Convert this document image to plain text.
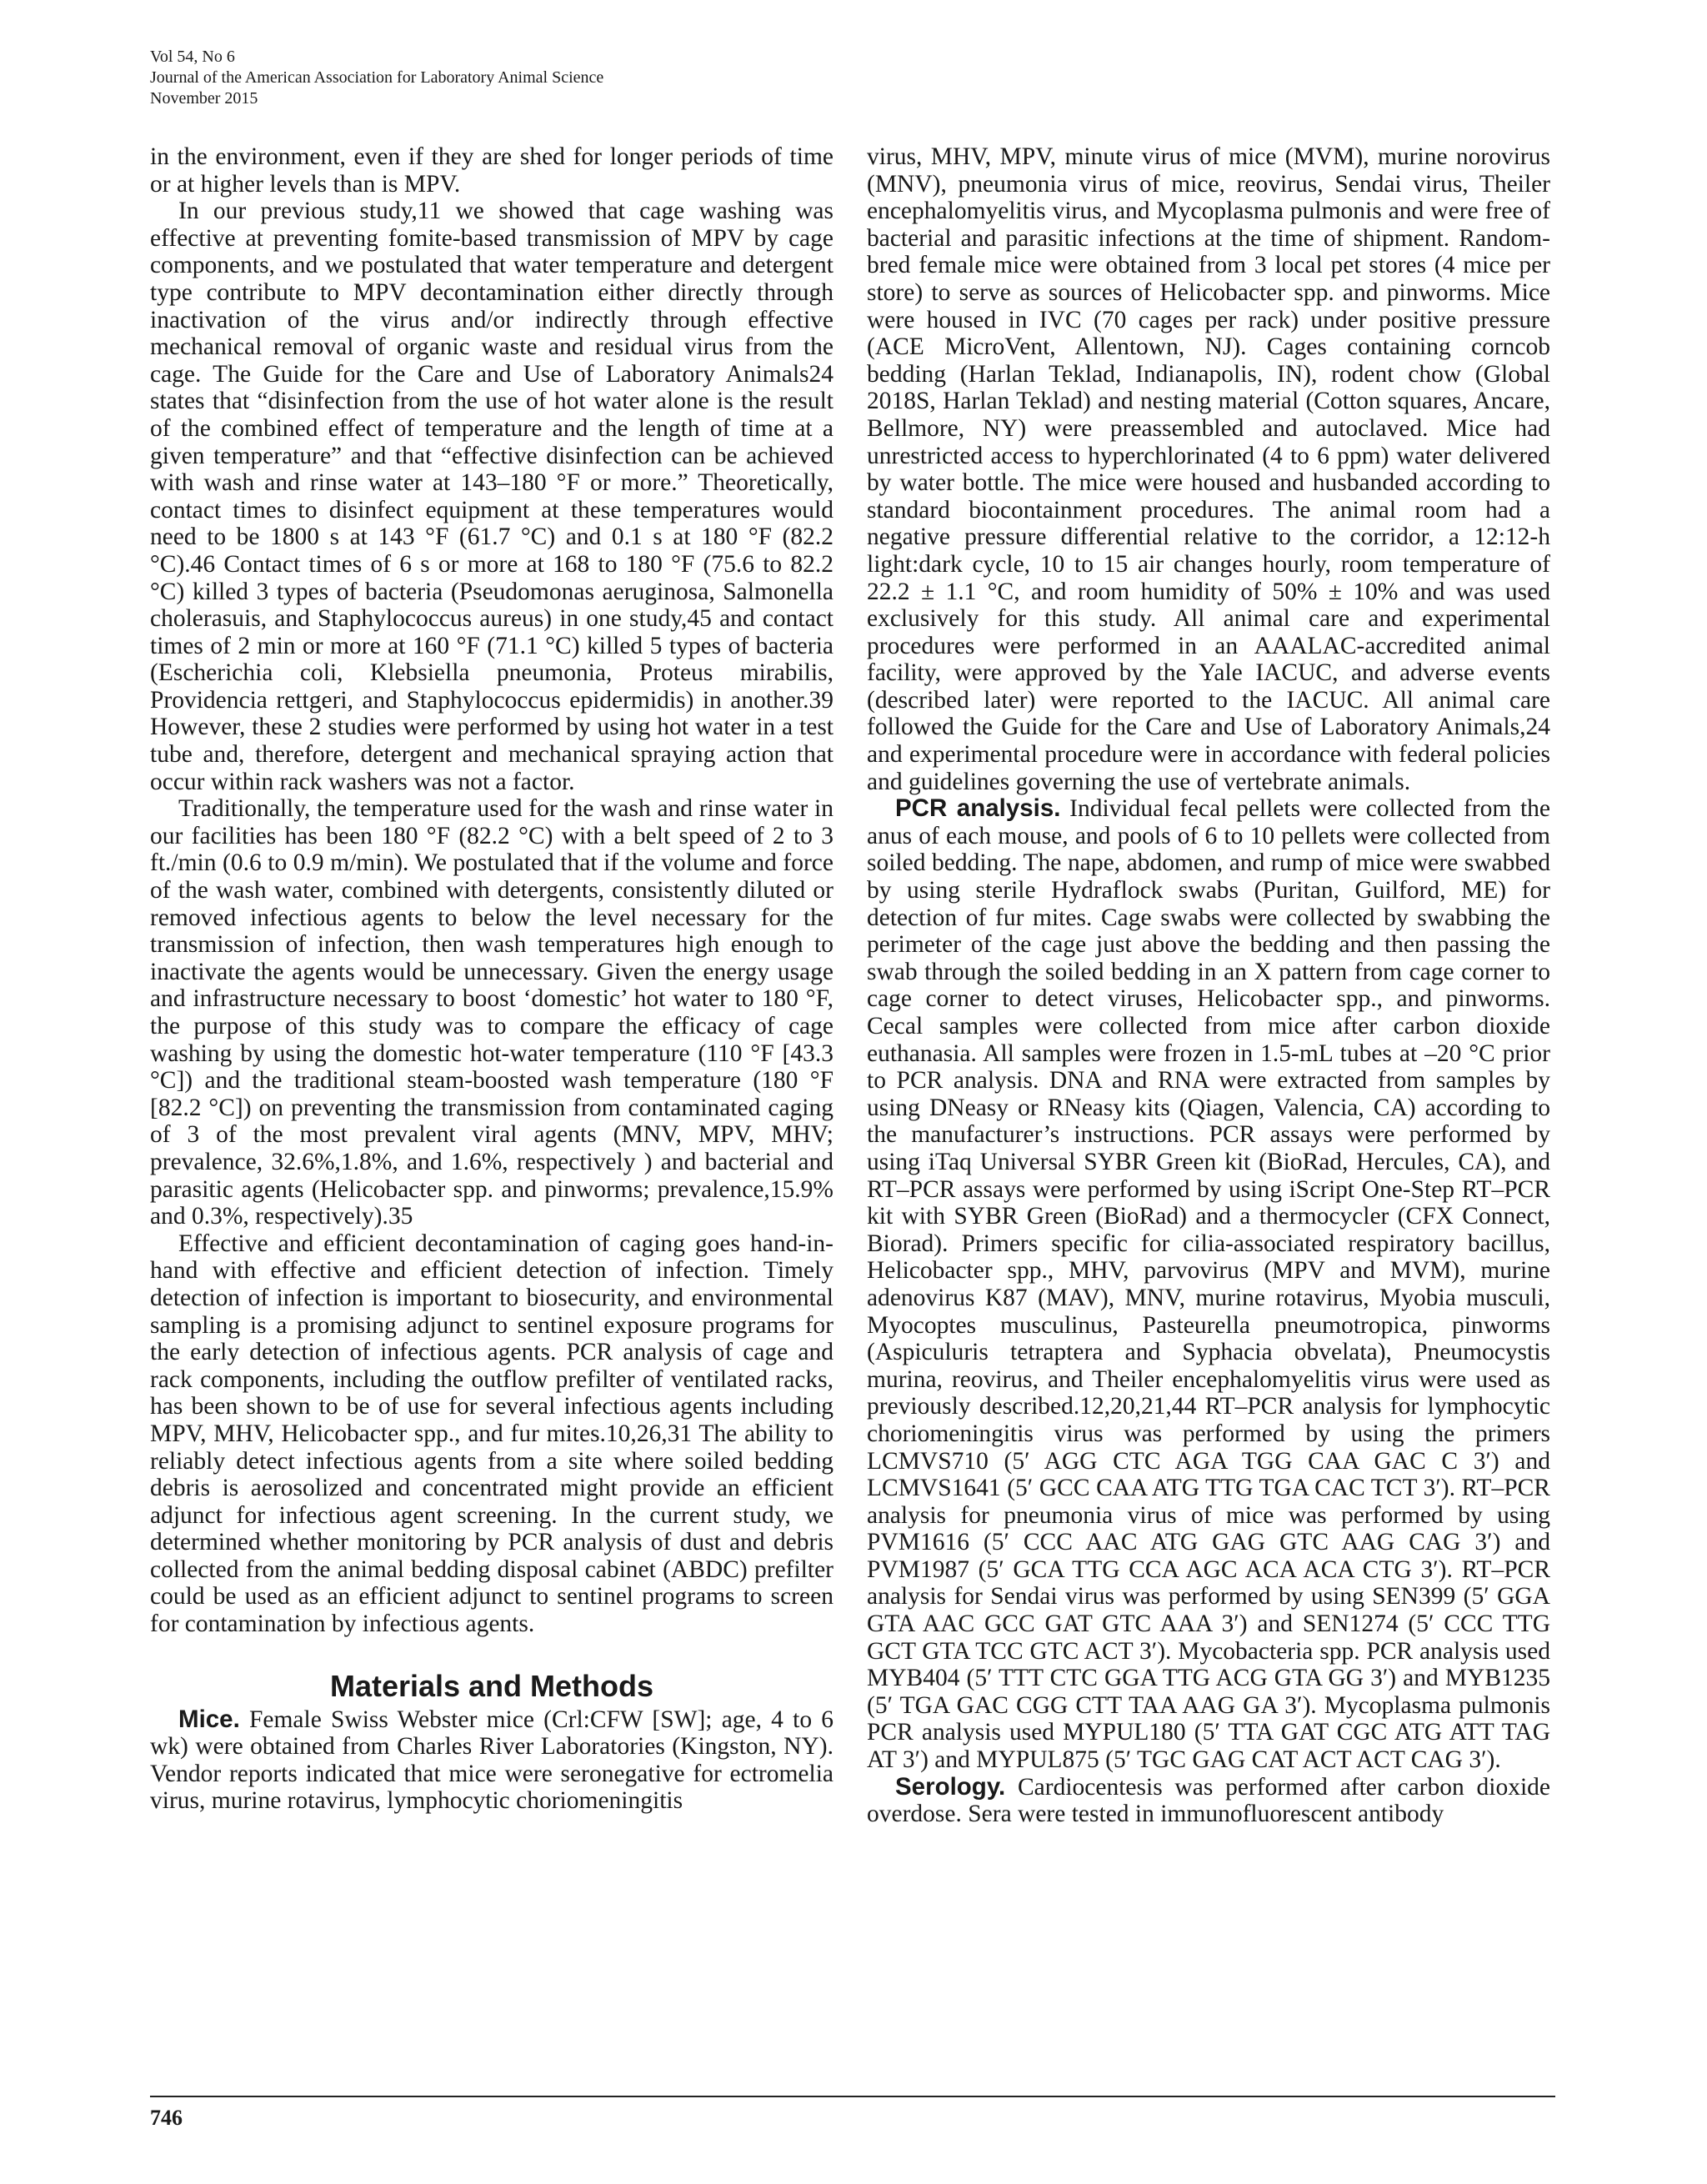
Vol 54, No 6
Journal of the American Association for Laboratory Animal Science
November 2015

in the environment, even if they are shed for longer periods of time or at higher levels than is MPV.

In our previous study,11 we showed that cage washing was effective at preventing fomite-based transmission of MPV by cage components, and we postulated that water temperature and detergent type contribute to MPV decontamination either directly through inactivation of the virus and/or indirectly through effective mechanical removal of organic waste and residual virus from the cage. The Guide for the Care and Use of Laboratory Animals24 states that “disinfection from the use of hot water alone is the result of the combined effect of temperature and the length of time at a given temperature” and that “effective disinfection can be achieved with wash and rinse water at 143–180 °F or more.” Theoretically, contact times to disinfect equipment at these temperatures would need to be 1800 s at 143 °F (61.7 °C) and 0.1 s at 180 °F (82.2 °C).46 Contact times of 6 s or more at 168 to 180 °F (75.6 to 82.2 °C) killed 3 types of bacteria (Pseudomonas aeruginosa, Salmonella cholerasuis, and Staphylococcus aureus) in one study,45 and contact times of 2 min or more at 160 °F (71.1 °C) killed 5 types of bacteria (Escherichia coli, Klebsiella pneumonia, Proteus mirabilis, Providencia rettgeri, and Staphylococcus epidermidis) in another.39 However, these 2 studies were performed by using hot water in a test tube and, therefore, detergent and mechanical spraying action that occur within rack washers was not a factor.

Traditionally, the temperature used for the wash and rinse water in our facilities has been 180 °F (82.2 °C) with a belt speed of 2 to 3 ft./min (0.6 to 0.9 m/min). We postulated that if the volume and force of the wash water, combined with detergents, consistently diluted or removed infectious agents to below the level necessary for the transmission of infection, then wash temperatures high enough to inactivate the agents would be unnecessary. Given the energy usage and infrastructure necessary to boost ‘domestic’ hot water to 180 °F, the purpose of this study was to compare the efficacy of cage washing by using the domestic hot-water temperature (110 °F [43.3 °C]) and the traditional steam-boosted wash temperature (180 °F [82.2 °C]) on preventing the transmission from contaminated caging of 3 of the most prevalent viral agents (MNV, MPV, MHV; prevalence, 32.6%,1.8%, and 1.6%, respectively ) and bacterial and parasitic agents (Helicobacter spp. and pinworms; prevalence,15.9% and 0.3%, respectively).35

Effective and efficient decontamination of caging goes hand-in-hand with effective and efficient detection of infection. Timely detection of infection is important to biosecurity, and environmental sampling is a promising adjunct to sentinel exposure programs for the early detection of infectious agents. PCR analysis of cage and rack components, including the outflow prefilter of ventilated racks, has been shown to be of use for several infectious agents including MPV, MHV, Helicobacter spp., and fur mites.10,26,31 The ability to reliably detect infectious agents from a site where soiled bedding debris is aerosolized and concentrated might provide an efficient adjunct for infectious agent screening. In the current study, we determined whether monitoring by PCR analysis of dust and debris collected from the animal bedding disposal cabinet (ABDC) prefilter could be used as an efficient adjunct to sentinel programs to screen for contamination by infectious agents.

Materials and Methods

Mice. Female Swiss Webster mice (Crl:CFW [SW]; age, 4 to 6 wk) were obtained from Charles River Laboratories (Kingston, NY). Vendor reports indicated that mice were seronegative for ectromelia virus, murine rotavirus, lymphocytic choriomeningitis

virus, MHV, MPV, minute virus of mice (MVM), murine norovirus (MNV), pneumonia virus of mice, reovirus, Sendai virus, Theiler encephalomyelitis virus, and Mycoplasma pulmonis and were free of bacterial and parasitic infections at the time of shipment. Random-bred female mice were obtained from 3 local pet stores (4 mice per store) to serve as sources of Helicobacter spp. and pinworms. Mice were housed in IVC (70 cages per rack) under positive pressure (ACE MicroVent, Allentown, NJ). Cages containing corncob bedding (Harlan Teklad, Indianapolis, IN), rodent chow (Global 2018S, Harlan Teklad) and nesting material (Cotton squares, Ancare, Bellmore, NY) were preassembled and autoclaved. Mice had unrestricted access to hyperchlorinated (4 to 6 ppm) water delivered by water bottle. The mice were housed and husbanded according to standard biocontainment procedures. The animal room had a negative pressure differential relative to the corridor, a 12:12-h light:dark cycle, 10 to 15 air changes hourly, room temperature of 22.2 ± 1.1 °C, and room humidity of 50% ± 10% and was used exclusively for this study. All animal care and experimental procedures were performed in an AAALAC-accredited animal facility, were approved by the Yale IACUC, and adverse events (described later) were reported to the IACUC. All animal care followed the Guide for the Care and Use of Laboratory Animals,24 and experimental procedure were in accordance with federal policies and guidelines governing the use of vertebrate animals.

PCR analysis. Individual fecal pellets were collected from the anus of each mouse, and pools of 6 to 10 pellets were collected from soiled bedding. The nape, abdomen, and rump of mice were swabbed by using sterile Hydraflock swabs (Puritan, Guilford, ME) for detection of fur mites. Cage swabs were collected by swabbing the perimeter of the cage just above the bedding and then passing the swab through the soiled bedding in an X pattern from cage corner to cage corner to detect viruses, Helicobacter spp., and pinworms. Cecal samples were collected from mice after carbon dioxide euthanasia. All samples were frozen in 1.5-mL tubes at –20 °C prior to PCR analysis. DNA and RNA were extracted from samples by using DNeasy or RNeasy kits (Qiagen, Valencia, CA) according to the manufacturer’s instructions. PCR assays were performed by using iTaq Universal SYBR Green kit (BioRad, Hercules, CA), and RT–PCR assays were performed by using iScript One-Step RT–PCR kit with SYBR Green (BioRad) and a thermocycler (CFX Connect, Biorad). Primers specific for cilia-associated respiratory bacillus, Helicobacter spp., MHV, parvovirus (MPV and MVM), murine adenovirus K87 (MAV), MNV, murine rotavirus, Myobia musculi, Myocoptes musculinus, Pasteurella pneumotropica, pinworms (Aspiculuris tetraptera and Syphacia obvelata), Pneumocystis murina, reovirus, and Theiler encephalomyelitis virus were used as previously described.12,20,21,44 RT–PCR analysis for lymphocytic choriomeningitis virus was performed by using the primers LCMVS710 (5′ AGG CTC AGA TGG CAA GAC C 3′) and LCMVS1641 (5′ GCC CAA ATG TTG TGA CAC TCT 3′). RT–PCR analysis for pneumonia virus of mice was performed by using PVM1616 (5′ CCC AAC ATG GAG GTC AAG CAG 3′) and PVM1987 (5′ GCA TTG CCA AGC ACA ACA CTG 3′). RT–PCR analysis for Sendai virus was performed by using SEN399 (5′ GGA GTA AAC GCC GAT GTC AAA 3′) and SEN1274 (5′ CCC TTG GCT GTA TCC GTC ACT 3′). Mycobacteria spp. PCR analysis used MYB404 (5′ TTT CTC GGA TTG ACG GTA GG 3′) and MYB1235 (5′ TGA GAC CGG CTT TAA AAG GA 3′). Mycoplasma pulmonis PCR analysis used MYPUL180 (5′ TTA GAT CGC ATG ATT TAG AT 3′) and MYPUL875 (5′ TGC GAG CAT ACT ACT CAG 3′).

Serology. Cardiocentesis was performed after carbon dioxide overdose. Sera were tested in immunofluorescent antibody

746
